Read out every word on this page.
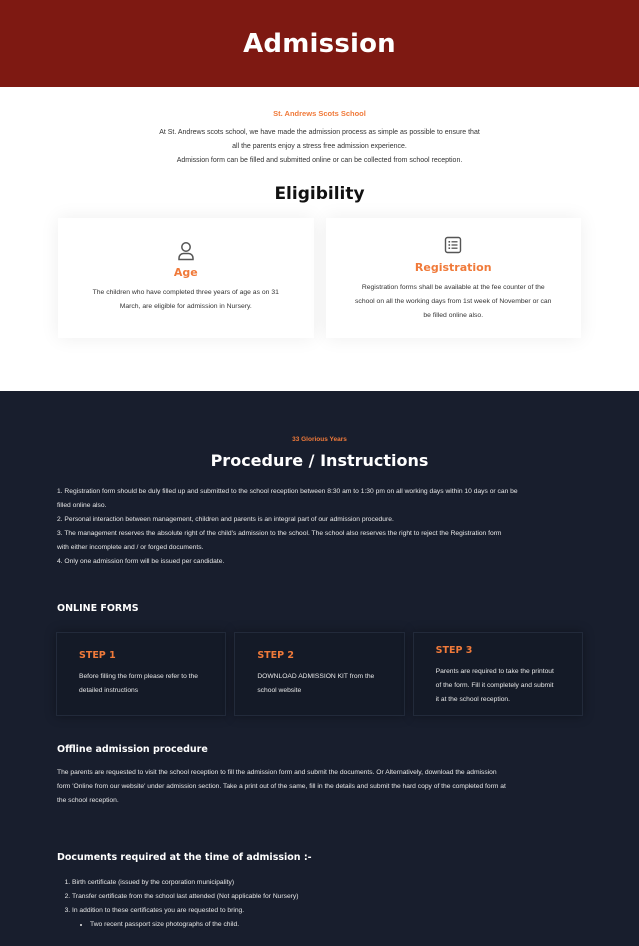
Admission
St. Andrews Scots School

At St. Andrews scots school, we have made the admission process as simple as possible to ensure that

all the parents enjoy a stress free admission experience.

Admission form can be filled and submitted online or can be collected from school reception.

Eligibility
Age

The children who have completed three years of age as on 31

March, are eligible for admission in Nursery.

Registration

Registration forms shall be available at the fee counter of the

school on all the working days from 1st week of November or can

be filled online also.

33 Glorious Years
Procedure / Instructions
1. Registration form should be duly filled up and submitted to the school reception between 8:30 am to 1:30 pm on all working days within 10 days or can be
filled online also.
2. Personal interaction between management, children and parents is an integral part of our admission procedure.
3. The management reserves the absolute right of the child's admission to the school. The school also reserves the right to reject the Registration form
with either incomplete and / or forged documents.
4. Only one admission form will be issued per candidate.
ONLINE FORMS
STEP 1

Before filling the form please refer to the

detailed instructions

STEP 2

DOWNLOAD ADMISSION KIT from the

school website

STEP 3

Parents are required to take the printout

of the form. Fill it completely and submit

it at the school reception.

Offline admission procedure
The parents are requested to visit the school reception to fill the admission form and submit the documents. Or Alternatively, download the admission
form 'Online from our website' under admission section. Take a print out of the same, fill in the details and submit the hard copy of the completed form at
the school reception.
Documents required at the time of admission :-
1. Birth certificate (issued by the corporation municipality)
2. Transfer certificate from the school last attended (Not applicable for Nursery)
3. In addition to these certificates you are requested to bring.
• Two recent passport size photographs of the child.
